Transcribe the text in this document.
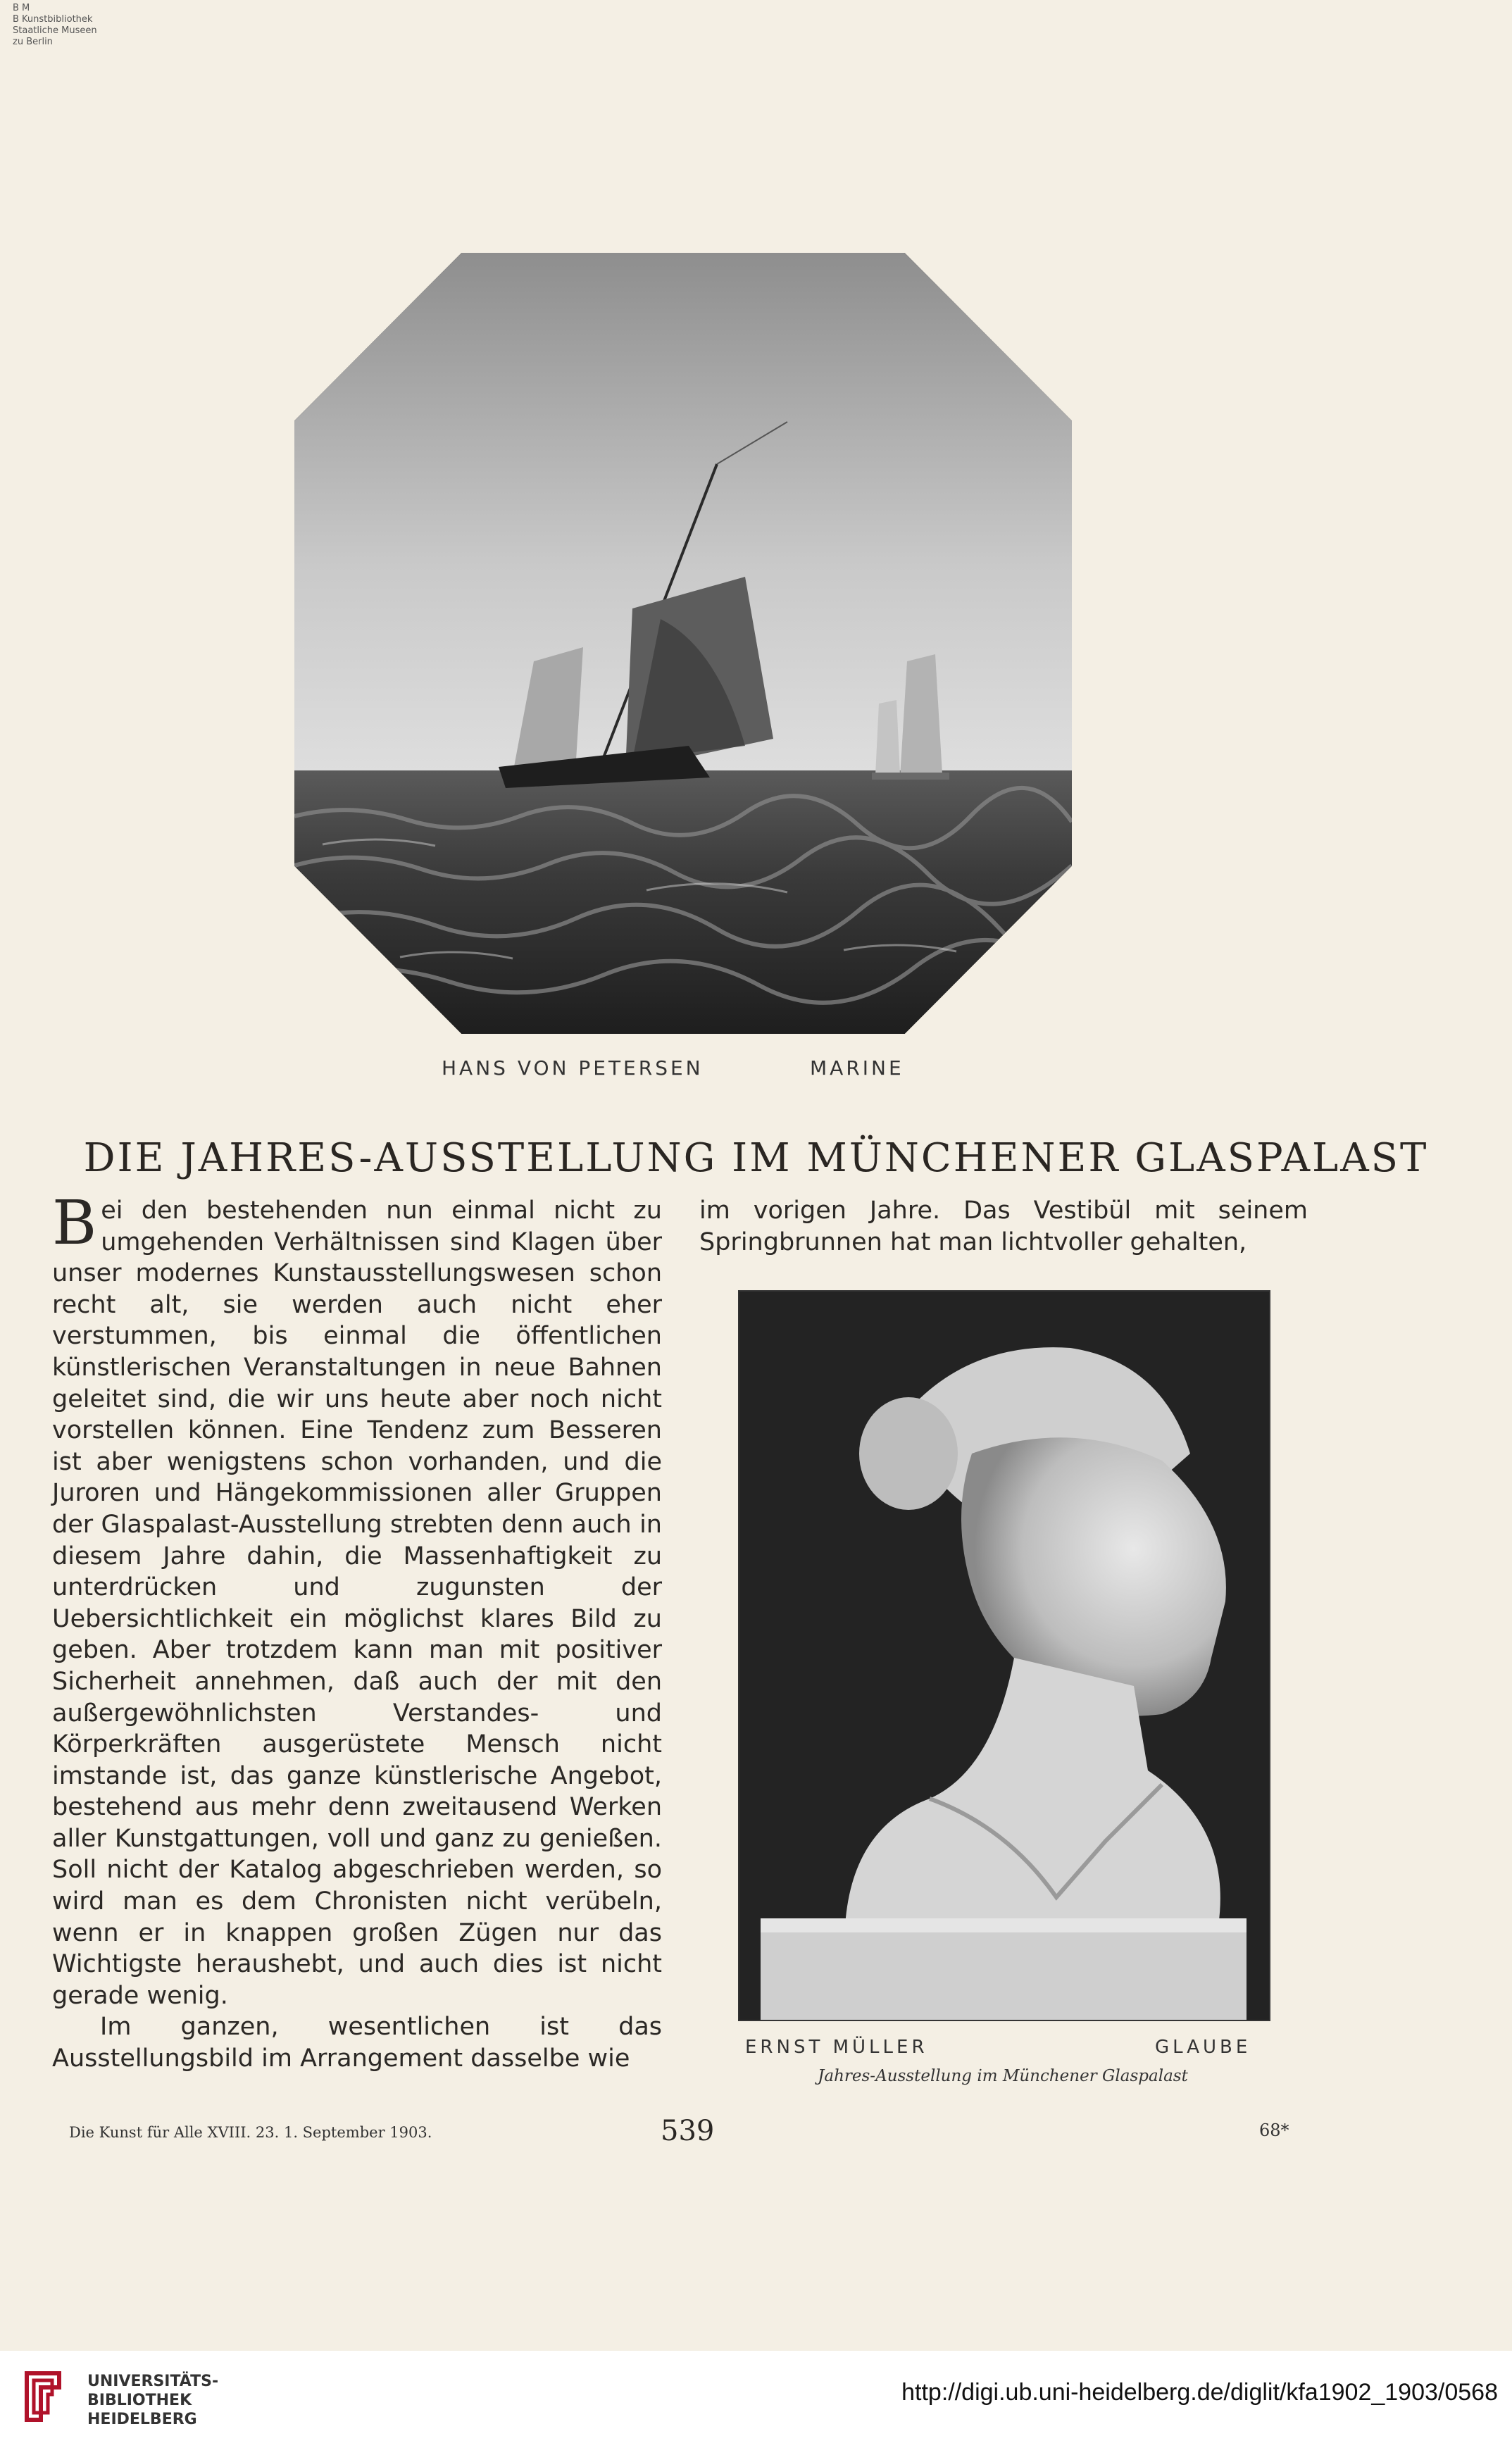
B M
B Kunstbibliothek
Staatliche Museen
zu Berlin
HANS VON PETERSEN	MARINE
DIE JAHRES-AUSSTELLUNG IM MÜNCHENER GLASPALAST

Bei den bestehenden nun einmal nicht zu umgehenden Verhältnissen sind Klagen über unser modernes Kunstausstellungswesen schon recht alt, sie werden auch nicht eher verstummen, bis einmal die öffentlichen künstlerischen Veranstaltungen in neue Bahnen geleitet sind, die wir uns heute aber noch nicht vorstellen können. Eine Tendenz zum Besseren ist aber wenigstens schon vorhanden, und die Juroren und Hängekommissionen aller Gruppen der Glaspalast-Ausstellung strebten denn auch in diesem Jahre dahin, die Massenhaftigkeit zu unterdrücken und zugunsten der Uebersichtlichkeit ein möglichst klares Bild zu geben. Aber trotzdem kann man mit positiver Sicherheit annehmen, daß auch der mit den außergewöhnlichsten Verstandes- und Körperkräften ausgerüstete Mensch nicht imstande ist, das ganze künstlerische Angebot, bestehend aus mehr denn zweitausend Werken aller Kunstgattungen, voll und ganz zu genießen. Soll nicht der Katalog abgeschrieben werden, so wird man es dem Chronisten nicht verübeln, wenn er in knappen großen Zügen nur das Wichtigste heraushebt, und auch dies ist nicht gerade wenig.

Im ganzen, wesentlichen ist das Ausstellungsbild im Arrangement dasselbe wie

im vorigen Jahre. Das Vestibül mit seinem Springbrunnen hat man lichtvoller gehalten,
ERNST MÜLLER	GLAUBE
Jahres-Ausstellung im Münchener Glaspalast
Die Kunst für Alle XVIII. 23. 1. September 1903.	539	68*
UNIVERSITÄTS-
BIBLIOTHEK
HEIDELBERG
http://digi.ub.uni-heidelberg.de/diglit/kfa1902_1903/0568
